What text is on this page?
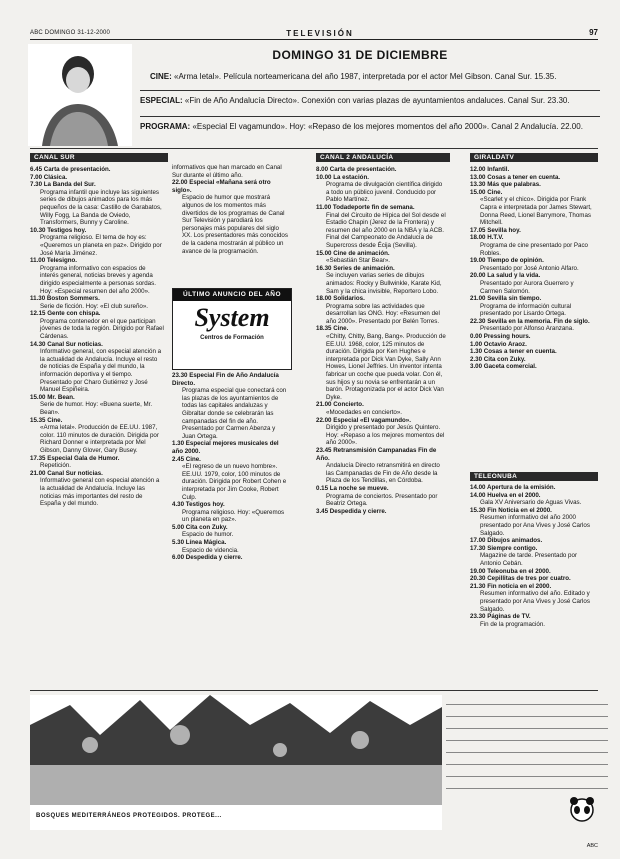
ABC DOMINGO 31-12-2000	TELEVISIÓN	97
DOMINGO 31 DE DICIEMBRE
CINE: «Arma letal». Película norteamericana del año 1987, interpretada por el actor Mel Gibson. Canal Sur. 15.35.
ESPECIAL: «Fin de Año Andalucía Directo». Conexión con varias plazas de ayuntamientos andaluces. Canal Sur. 23.30.
PROGRAMA: «Especial El vagamundo». Hoy: «Repaso de los mejores momentos del año 2000». Canal 2 Andalucía. 22.00.
CANAL SUR	CANAL 2 ANDALUCÍA	GIRALDATV
6.45 Carta de presentación.
7.00 Clásica.
7.30 La Banda del Sur.
Programa infantil que incluye las siguientes series de dibujos animados para los más pequeños de la casa: Castillo de Garabatos, Willy Fogg, La Banda de Oviedo, Transformers, Bunny y Caroline.
10.30 Testigos hoy.
Programa religioso. El tema de hoy es: «Queremos un planeta en paz». Dirigido por José María Jiménez.
11.00 Telesigno.
Programa informativo con espacios de interés general, noticias breves y agenda dirigido especialmente a personas sordas. Hoy: «Especial resumen del año 2000».
11.30 Boston Sommers.
Serie de ficción. Hoy: «El club sureño».
12.15 Gente con chispa.
Programa contenedor en el que participan jóvenes de toda la región. Dirigido por Rafael Cárdenas.
14.30 Canal Sur noticias.
Informativo general, con especial atención a la actualidad de Andalucía. Incluye el resto de noticias de España y del mundo, la información deportiva y el tiempo. Presentado por Charo Gutiérrez y José Manuel Espiñeira.
15.00 Mr. Bean.
Serie de humor. Hoy: «Buena suerte, Mr. Bean».
15.35 Cine.
«Arma letal». Producción de EE.UU. 1987, color. 110 minutos de duración. Dirigida por Richard Donner e interpretada por Mel Gibson, Danny Glover, Gary Busey.
17.35 Especial Gala de Humor.
Repetición.
21.00 Canal Sur noticias.
Informativo general con especial atención a la actualidad de Andalucía. Incluye las noticias más importantes del resto de España y del mundo.
informativos que han marcado en Canal Sur durante el último año.
22.00 Especial «Mañana será otro siglo».
Espacio de humor que mostrará algunos de los momentos más divertidos de los programas de Canal Sur Televisión y parodiará los personajes más populares del siglo XX. Los presentadores más conocidos de la cadena mostrarán al público un avance de la programación.
ÚLTIMO ANUNCIO DEL AÑO
System
Centros de Formación
23.30 Especial Fin de Año Andalucía Directo.
Programa especial que conectará con las plazas de los ayuntamientos de todas las capitales andaluzas y Gibraltar donde se celebrarán las campanadas del fin de año. Presentado por Carmen Abenza y Juan Ortega.
1.30 Especial mejores musicales del año 2000.
2.45 Cine.
«El regreso de un nuevo hombre». EE.UU. 1979, color, 100 minutos de duración. Dirigida por Robert Cohen e interpretada por Jim Cooke, Robert Culp.
4.30 Testigos hoy.
Programa religioso. Hoy: «Queremos un planeta en paz».
5.00 Cita con Zuky.
Espacio de humor.
5.30 Línea Mágica.
Espacio de videncia.
6.00 Despedida y cierre.
8.00 Carta de presentación.
10.00 La estación.
Programa de divulgación científica dirigido a todo un público juvenil. Conducido por Pablo Martínez.
11.00 Todadeporte fin de semana.
Final del Circuito de Hípica del Sol desde el Estadio Chapin (Jerez de la Frontera) y resumen del año 2000 en la NBA y la ACB. Final del Campeonato de Andalucía de Supercross desde Écija (Sevilla).
15.00 Cine de animación.
«Sebastián Star Bear».
16.30 Series de animación.
Se incluyen varias series de dibujos animados: Rocky y Bullwinkle, Karate Kid, Sam y la chica invisible, Reportero Lobo.
18.00 Solidarios.
Programa sobre las actividades que desarrollan las ONG. Hoy: «Resumen del año 2000». Presentado por Belén Torres.
18.35 Cine.
«Chitty, Chitty, Bang, Bang». Producción de EE.UU. 1968, color, 125 minutos de duración. Dirigida por Ken Hughes e interpretada por Dick Van Dyke, Sally Ann Howes, Lionel Jeffries. Un inventor intenta fabricar un coche que pueda volar. Con él, sus hijos y su novia se enfrentarán a un barón. Protagonizada por el actor Dick Van Dyke.
21.00 Concierto.
«Mocedades en concierto».
22.00 Especial «El vagamundo».
Dirigido y presentado por Jesús Quintero. Hoy: «Repaso a los mejores momentos del año 2000».
23.45 Retransmisión Campanadas Fin de Año.
Andalucía Directo retransmitirá en directo las Campanadas de Fin de Año desde la Plaza de los Tendillas, en Córdoba.
0.15 La noche se mueve.
Programa de conciertos. Presentado por Beatriz Ortega.
3.45 Despedida y cierre.
12.00 Infantil.
13.00 Cosas a tener en cuenta.
13.30 Más que palabras.
15.00 Cine.
«Scarlet y el chico». Dirigida por Frank Capra e interpretada por James Stewart, Donna Reed, Lionel Barrymore, Thomas Mitchell.
17.05 Sevilla hoy.
18.00 H.T.V.
Programa de cine presentado por Paco Robles.
19.00 Tiempo de opinión.
Presentado por José Antonio Alfaro.
20.00 La salud y la vida.
Presentado por Aurora Guerrero y Carmen Salomón.
21.00 Sevilla sin tiempo.
Programa de información cultural presentado por Lisardo Ortega.
22.30 Sevilla en la memoria. Fin de siglo.
Presentado por Alfonso Aranzana.
0.00 Pressing hours.
1.00 Octavio Araoz.
1.30 Cosas a tener en cuenta.
2.30 Cita con Zuky.
3.00 Gaceta comercial.
TELEONUBA
14.00 Apertura de la emisión.
14.00 Huelva en el 2000.
Gala XV Aniversario de Aguas Vivas.
15.30 Fin Noticia en el 2000.
Resumen informativo del año 2000 presentado por Ana Vives y José Carlos Salgado.
17.00 Dibujos animados.
17.30 Siempre contigo.
Magazine de tarde. Presentado por Antonio Cebán.
19.00 Teleonuba en el 2000.
20.30 Cepillitas de tres por cuatro.
21.30 Fin noticia en el 2000.
Resumen informativo del año. Editado y presentado por Ana Vives y José Carlos Salgado.
23.30 Páginas de TV.
Fin de la programación.
BOSQUES MEDITERRÁNEOS PROTEGIDOS. PROTEGE...
ABC
